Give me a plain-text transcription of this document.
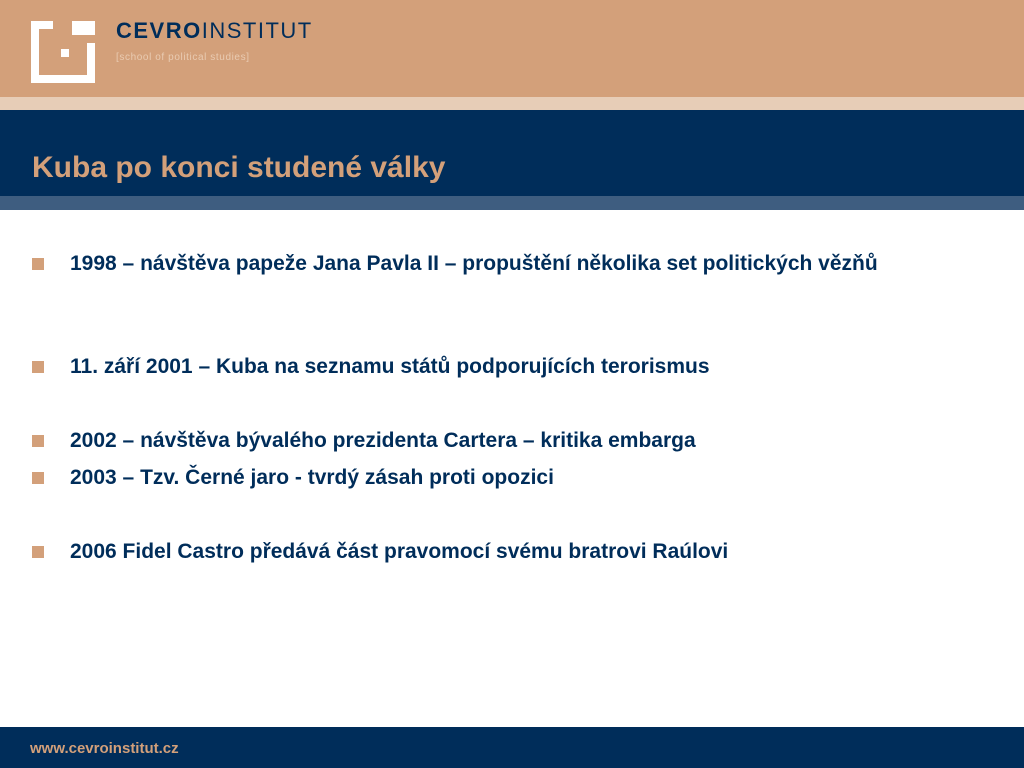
CEVROINSTITUT
[school of political studies]
Kuba po konci studené války
1998 – návštěva papeže Jana Pavla II – propuštění několika set politických vězňů
11. září 2001 – Kuba na seznamu států podporujících terorismus
2002 – návštěva bývalého prezidenta Cartera – kritika embarga
2003 – Tzv. Černé jaro - tvrdý zásah proti opozici
2006 Fidel Castro předává část pravomocí svému bratrovi Raúlovi
www.cevroinstitut.cz
